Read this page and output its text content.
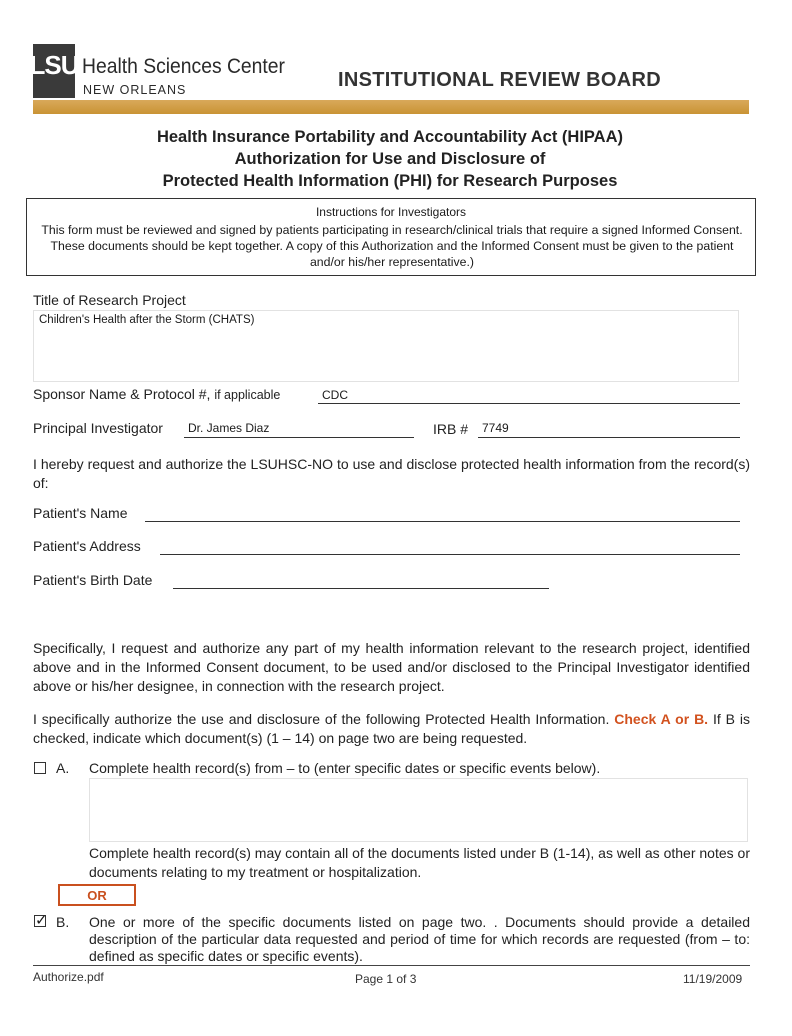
LSU Health Sciences Center
NEW ORLEANS	INSTITUTIONAL REVIEW BOARD
Health Insurance Portability and Accountability Act (HIPAA)
Authorization for Use and Disclosure of
Protected Health Information (PHI) for Research Purposes
Instructions for Investigators
This form must be reviewed and signed by patients participating in research/clinical trials that require a signed Informed Consent. These documents should be kept together. A copy of this Authorization and the Informed Consent must be given to the patient and/or his/her representative.)
Title of Research Project
Children's Health after the Storm (CHATS)
Sponsor Name & Protocol #, if applicable	CDC
Principal Investigator Dr. James Diaz	IRB # 7749
I hereby request and authorize the LSUHSC-NO to use and disclose protected health information from the record(s) of:
Patient's Name
Patient's Address
Patient's Birth Date
Specifically, I request and authorize any part of my health information relevant to the research project, identified above and in the Informed Consent document, to be used and/or disclosed to the Principal Investigator identified above or his/her designee, in connection with the research project.
I specifically authorize the use and disclosure of the following Protected Health Information. Check A or B. If B is checked, indicate which document(s) (1 – 14) on page two are being requested.
A. Complete health record(s) from – to (enter specific dates or specific events below).
Complete health record(s) may contain all of the documents listed under B (1-14), as well as other notes or documents relating to my treatment or hospitalization.
OR
✓ B. One or more of the specific documents listed on page two. . Documents should provide a detailed description of the particular data requested and period of time for which records are requested (from – to: defined as specific dates or specific events).
Authorize.pdf	Page 1 of 3	11/19/2009
